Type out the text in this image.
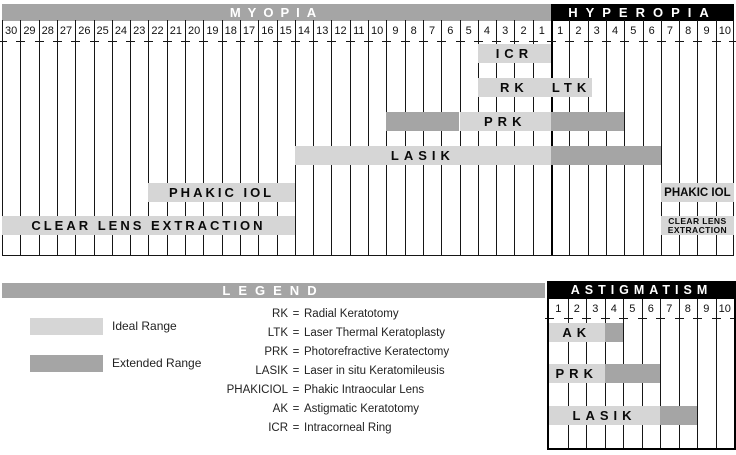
MYOPIA	HYPEROPIA
30 29 28 27 26 25 24 23 22 21 20 19 18 17 16 15 14 13 12 11 10 9	8	7	6	5	4	3	2	1	1	2	3	4	5	6	7	8	9 10
ICR
RK LTK
PRK
LASIK
PHAKIC IOL	PHAKIC IOL
CLEAR LENS EXTRACTION	CLEAR LENS EXTRACTION
LEGEND
Ideal Range
Extended Range
RK = Radial Keratotomy
LTK = Laser Thermal Keratoplasty
PRK = Photorefractive Keratectomy
LASIK = Laser in situ Keratomileusis
PHAKICIOL = Phakic Intraocular Lens
AK = Astigmatic Keratotomy
ICR = Intracorneal Ring
ASTIGMATISM
1	2	3	4	5	6	7	8	9 10
AK
PRK
LASIK
